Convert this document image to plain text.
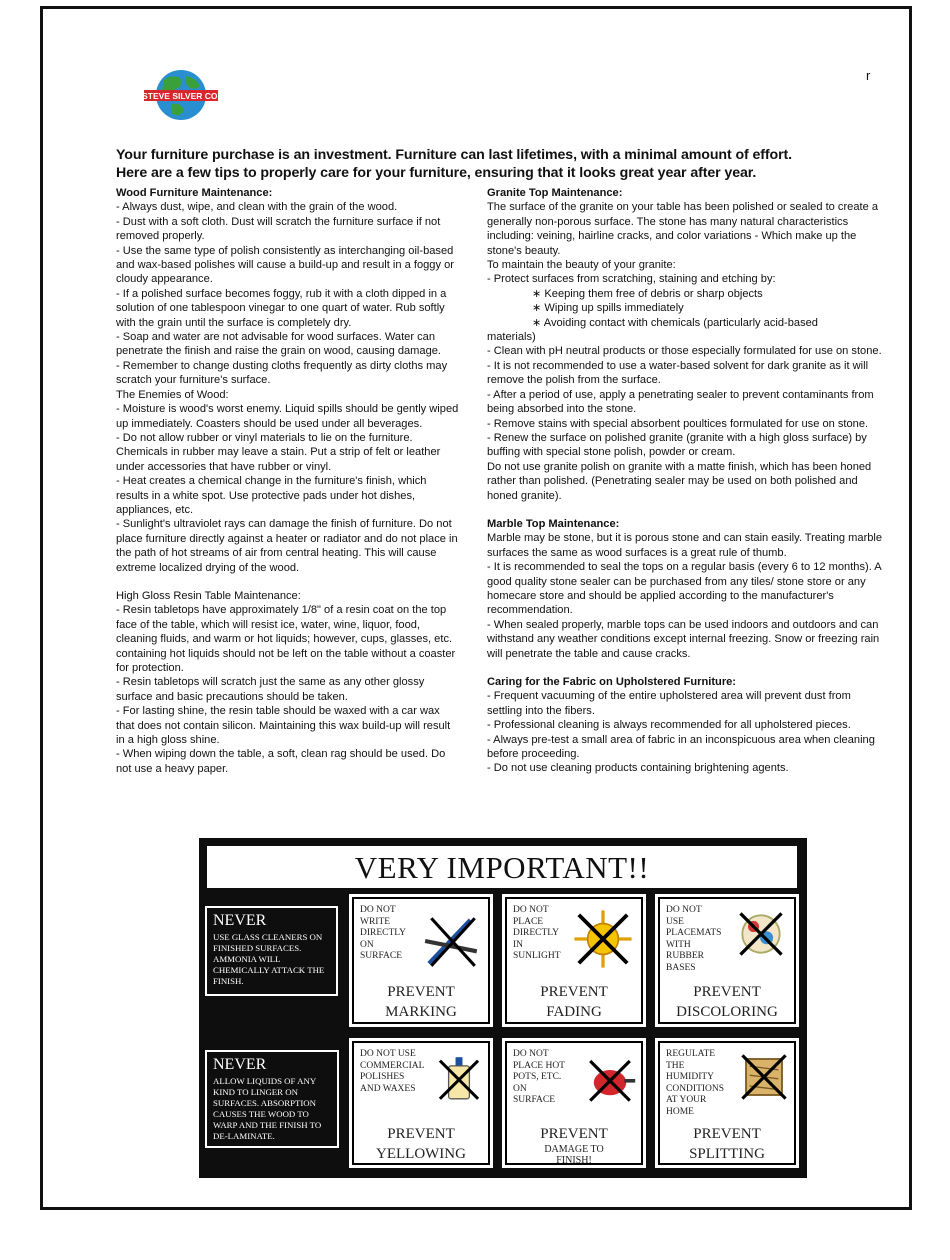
STEVE SILVER CO.
r
Your furniture purchase is an investment. Furniture can last lifetimes, with a minimal amount of effort.
Here are a few tips to properly care for your furniture, ensuring that it looks great year after year.

Wood Furniture Maintenance:

- Always dust, wipe, and clean with the grain of the wood.

- Dust with a soft cloth. Dust will scratch the furniture surface if not removed properly.

- Use the same type of polish consistently as interchanging oil-based and wax-based polishes will cause a build-up and result in a foggy or cloudy appearance.

- If a polished surface becomes foggy, rub it with a cloth dipped in a solution of one tablespoon vinegar to one quart of water. Rub softly with the grain until the surface is completely dry.

- Soap and water are not advisable for wood surfaces. Water can penetrate the finish and raise the grain on wood, causing damage.

- Remember to change dusting cloths frequently as dirty cloths may scratch your furniture's surface.

The Enemies of Wood:

- Moisture is wood's worst enemy. Liquid spills should be gently wiped up immediately. Coasters should be used under all beverages.

- Do not allow rubber or vinyl materials to lie on the furniture. Chemicals in rubber may leave a stain. Put a strip of felt or leather under accessories that have rubber or vinyl.

- Heat creates a chemical change in the furniture's finish, which results in a white spot. Use protective pads under hot dishes, appliances, etc.

- Sunlight's ultraviolet rays can damage the finish of furniture. Do not place furniture directly against a heater or radiator and do not place in the path of hot streams of air from central heating. This will cause extreme localized drying of the wood.

High Gloss Resin Table Maintenance:

- Resin tabletops have approximately 1/8" of a resin coat on the top face of the table, which will resist ice, water, wine, liquor, food, cleaning fluids, and warm or hot liquids; however, cups, glasses, etc. containing hot liquids should not be left on the table without a coaster for protection.

- Resin tabletops will scratch just the same as any other glossy surface and basic precautions should be taken.

- For lasting shine, the resin table should be waxed with a car wax that does not contain silicon. Maintaining this wax build-up will result in a high gloss shine.

- When wiping down the table, a soft, clean rag should be used. Do not use a heavy paper.

Granite Top Maintenance:

The surface of the granite on your table has been polished or sealed to create a generally non-porous surface. The stone has many natural characteristics including: veining, hairline cracks, and color variations - Which make up the stone's beauty.

To maintain the beauty of your granite:

- Protect surfaces from scratching, staining and etching by:

∗ Keeping them free of debris or sharp objects

∗ Wiping up spills immediately

∗ Avoiding contact with chemicals (particularly acid-based

materials)

- Clean with pH neutral products or those especially formulated for use on stone.

- It is not recommended to use a water-based solvent for dark granite as it will remove the polish from the surface.

- After a period of use, apply a penetrating sealer to prevent contaminants from being absorbed into the stone.

- Remove stains with special absorbent poultices formulated for use on stone.

- Renew the surface on polished granite (granite with a high gloss surface) by buffing with special stone polish, powder or cream.

Do not use granite polish on granite with a matte finish, which has been honed rather than polished. (Penetrating sealer may be used on both polished and honed granite).

Marble Top Maintenance:

Marble may be stone, but it is porous stone and can stain easily. Treating marble surfaces the same as wood surfaces is a great rule of thumb.

- It is recommended to seal the tops on a regular basis (every 6 to 12 months). A good quality stone sealer can be purchased from any tiles/ stone store or any homecare store and should be applied according to the manufacturer's recommendation.

- When sealed properly, marble tops can be used indoors and outdoors and can withstand any weather conditions except internal freezing. Snow or freezing rain will penetrate the table and cause cracks.

Caring for the Fabric on Upholstered Furniture:

- Frequent vacuuming of the entire upholstered area will prevent dust from settling into the fibers.

- Professional cleaning is always recommended for all upholstered pieces.

- Always pre-test a small area of fabric in an inconspicuous area when cleaning before proceeding.

- Do not use cleaning products containing brightening agents.

VERY IMPORTANT!!
NEVER
USE GLASS CLEANERS ON FINISHED SURFACES. AMMONIA WILL CHEMICALLY ATTACK THE FINISH.
NEVER
ALLOW LIQUIDS OF ANY KIND TO LINGER ON SURFACES. ABSORPTION CAUSES THE WOOD TO WARP AND THE FINISH TO DE-LAMINATE.
DO NOT
WRITE
DIRECTLY
ON
SURFACE
PREVENT
MARKING
DO NOT
PLACE
DIRECTLY
IN
SUNLIGHT
PREVENT
FADING
DO NOT
USE
PLACEMATS
WITH
RUBBER
BASES
PREVENT
DISCOLORING
DO NOT USE
COMMERCIAL
POLISHES
AND WAXES
PREVENT
YELLOWING
DO NOT
PLACE HOT
POTS, ETC.
ON
SURFACE
PREVENT
DAMAGE TO
FINISH!
REGULATE
THE
HUMIDITY
CONDITIONS
AT YOUR
HOME
PREVENT
SPLITTING
